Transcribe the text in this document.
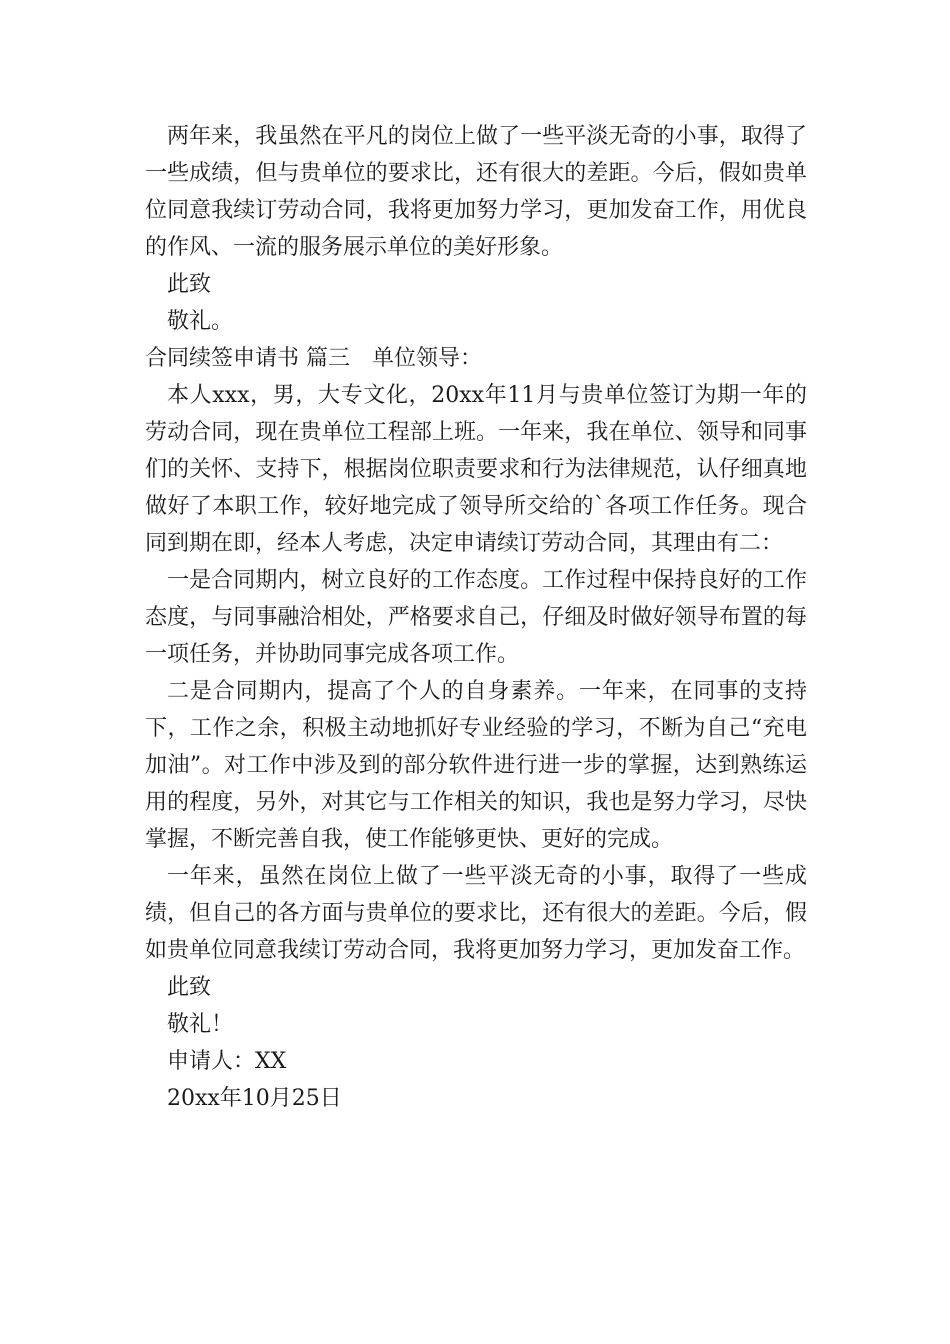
两年来，我虽然在平凡的岗位上做了一些平淡无奇的小事，取得了一些成绩，但与贵单位的要求比，还有很大的差距。今后，假如贵单位同意我续订劳动合同，我将更加努力学习，更加发奋工作，用优良的作风、一流的服务展示单位的美好形象。

此致

敬礼。

合同续签申请书 篇三　单位领导：

本人xxx，男，大专文化，20xx年11月与贵单位签订为期一年的劳动合同，现在贵单位工程部上班。一年来，我在单位、领导和同事们的关怀、支持下，根据岗位职责要求和行为法律规范，认仔细真地做好了本职工作，较好地完成了领导所交给的`各项工作任务。现合同到期在即，经本人考虑，决定申请续订劳动合同，其理由有二：

一是合同期内，树立良好的工作态度。工作过程中保持良好的工作态度，与同事融洽相处，严格要求自己，仔细及时做好领导布置的每一项任务，并协助同事完成各项工作。

二是合同期内，提高了个人的自身素养。一年来，在同事的支持下，工作之余，积极主动地抓好专业经验的学习，不断为自己“充电加油”。对工作中涉及到的部分软件进行进一步的掌握，达到熟练运用的程度，另外，对其它与工作相关的知识，我也是努力学习，尽快掌握，不断完善自我，使工作能够更快、更好的完成。

一年来，虽然在岗位上做了一些平淡无奇的小事，取得了一些成绩，但自己的各方面与贵单位的要求比，还有很大的差距。今后，假如贵单位同意我续订劳动合同，我将更加努力学习，更加发奋工作。

此致

敬礼！

申请人：XX

20xx年10月25日
